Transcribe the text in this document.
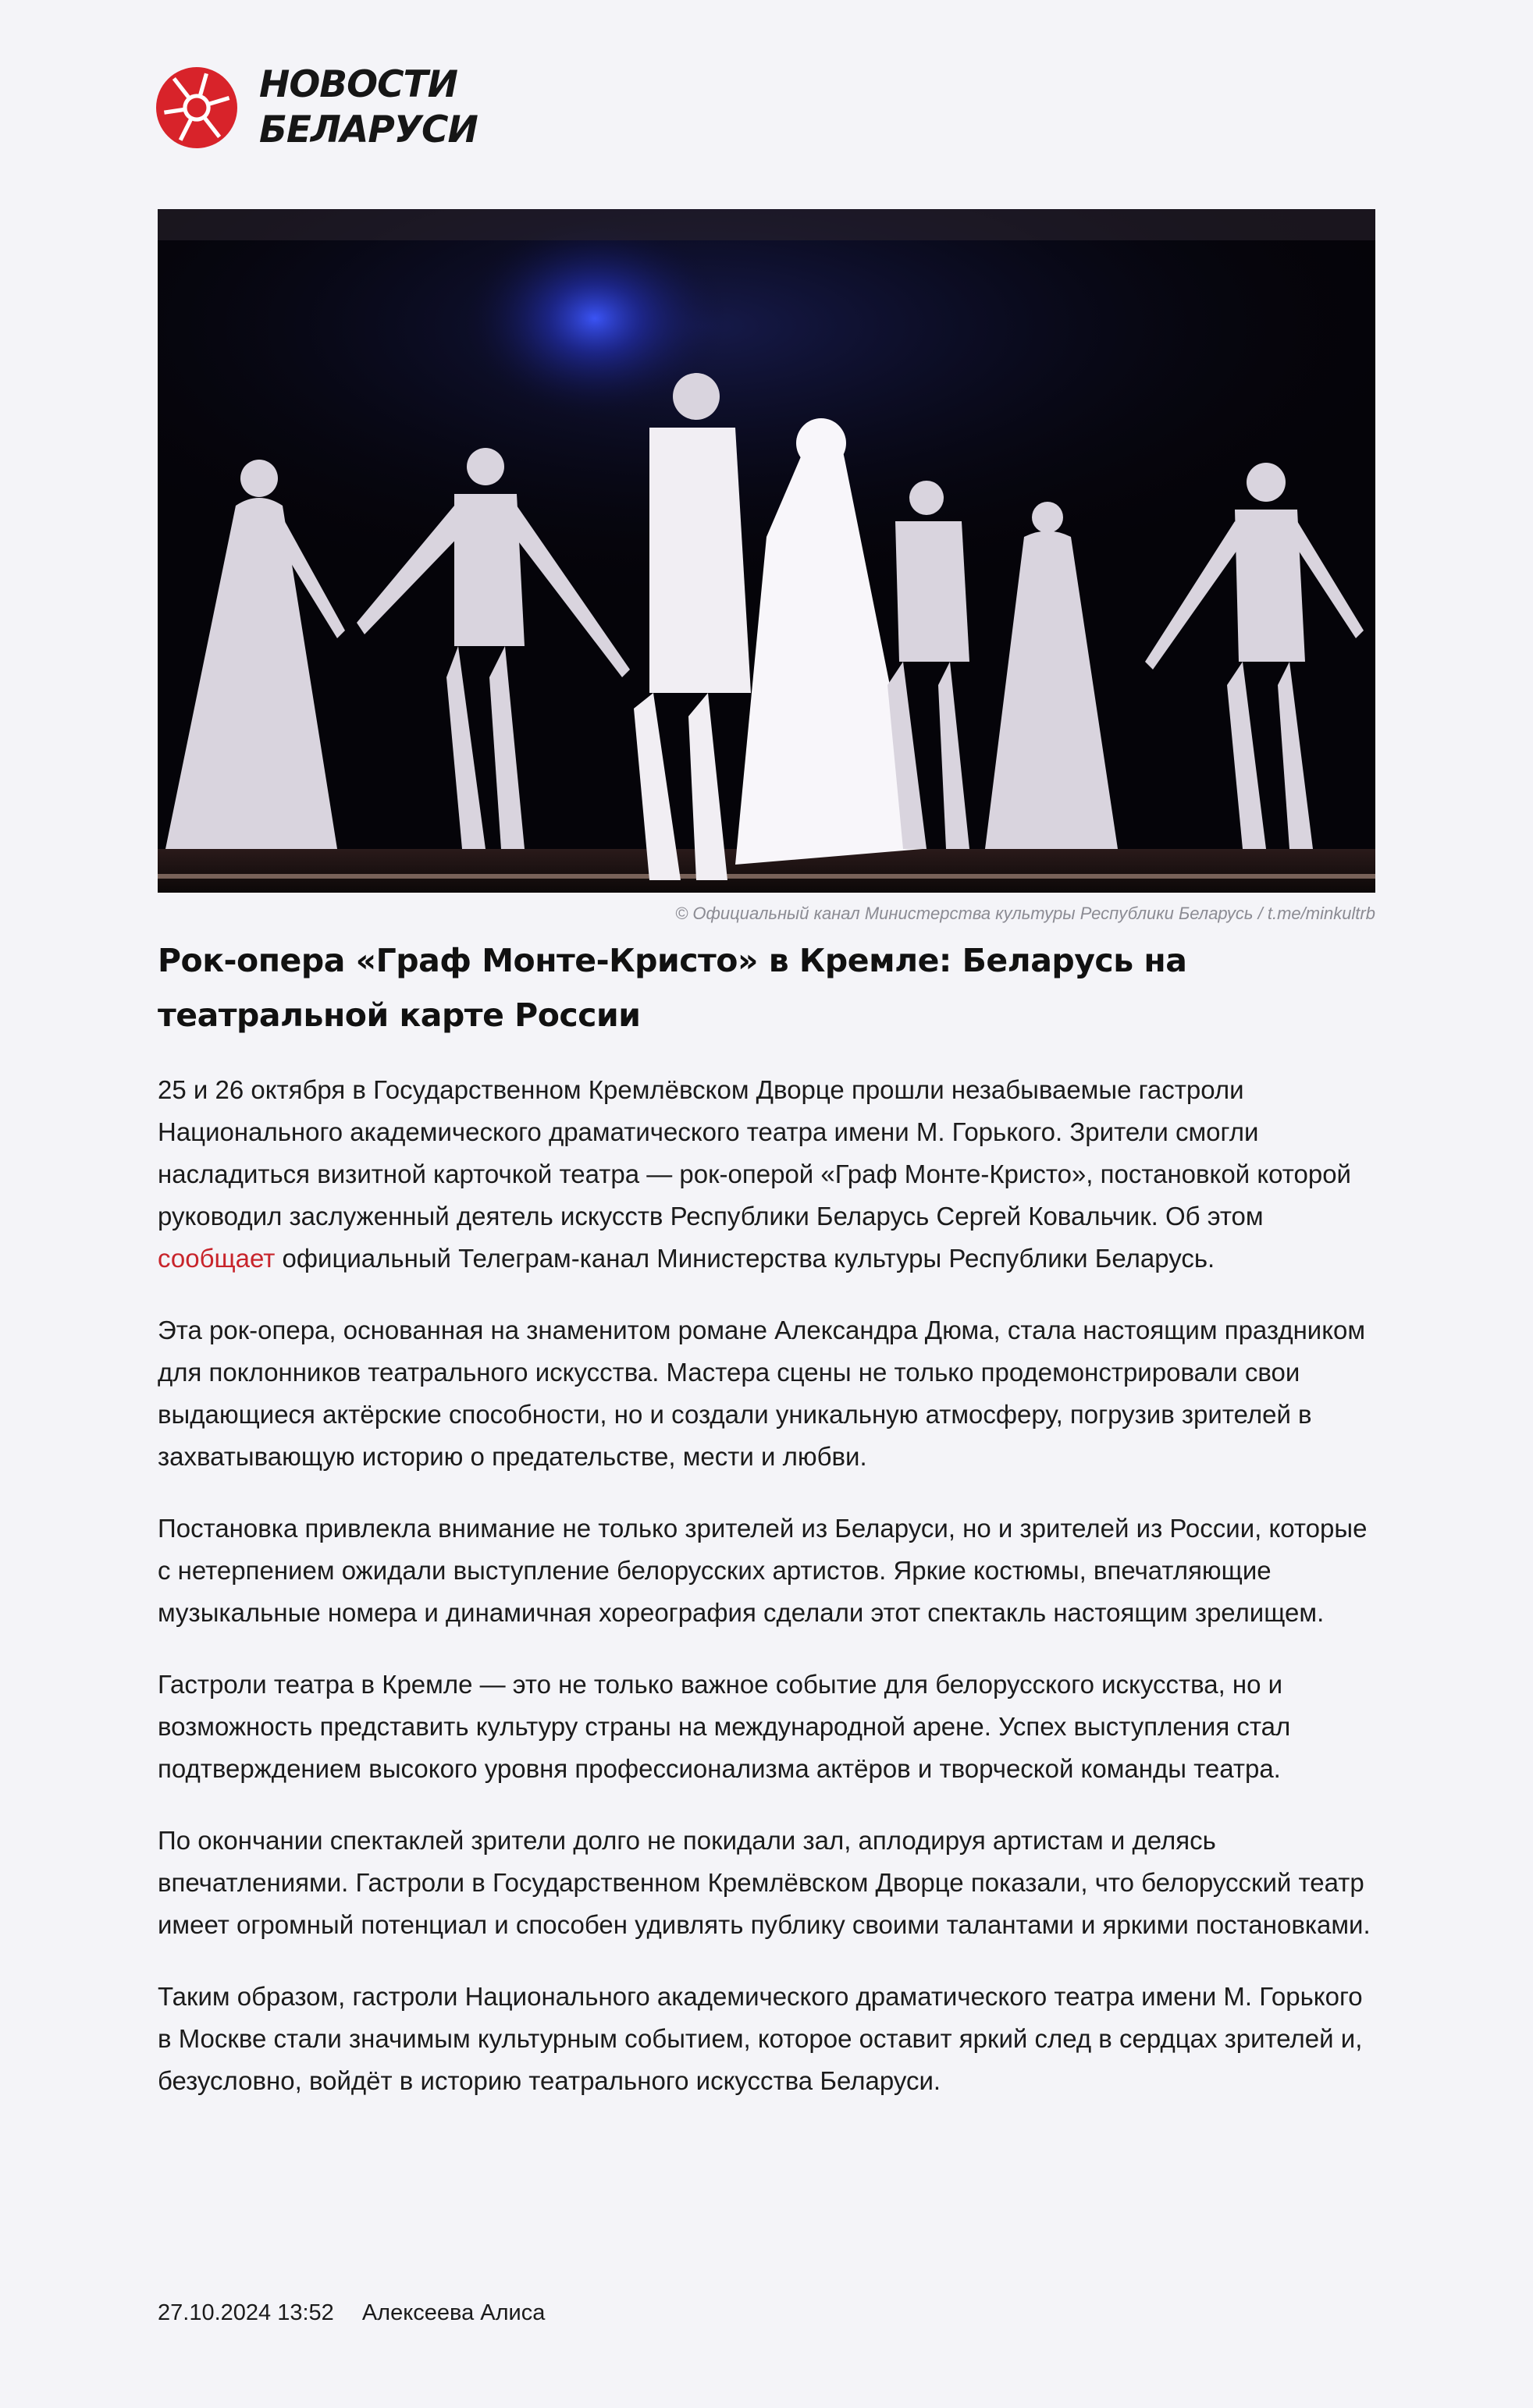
НОВОСТИ
БЕЛАРУСИ
© Официальный канал Министерства культуры Республики Беларусь / t.me/minkultrb
Рок-опера «Граф Монте-Кристо» в Кремле: Беларусь на театральной карте России

25 и 26 октября в Государственном Кремлёвском Дворце прошли незабываемые гастроли Национального академического драматического театра имени М. Горького. Зрители смогли насладиться визитной карточкой театра — рок-оперой «Граф Монте-Кристо», постановкой которой руководил заслуженный деятель искусств Республики Беларусь Сергей Ковальчик. Об этом сообщает официальный Телеграм-канал Министерства культуры Республики Беларусь.

Эта рок-опера, основанная на знаменитом романе Александра Дюма, стала настоящим праздником для поклонников театрального искусства. Мастера сцены не только продемонстрировали свои выдающиеся актёрские способности, но и создали уникальную атмосферу, погрузив зрителей в захватывающую историю о предательстве, мести и любви.

Постановка привлекла внимание не только зрителей из Беларуси, но и зрителей из России, которые с нетерпением ожидали выступление белорусских артистов. Яркие костюмы, впечатляющие музыкальные номера и динамичная хореография сделали этот спектакль настоящим зрелищем.

Гастроли театра в Кремле — это не только важное событие для белорусского искусства, но и возможность представить культуру страны на международной арене. Успех выступления стал подтверждением высокого уровня профессионализма актёров и творческой команды театра.

По окончании спектаклей зрители долго не покидали зал, аплодируя артистам и делясь впечатлениями. Гастроли в Государственном Кремлёвском Дворце показали, что белорусский театр имеет огромный потенциал и способен удивлять публику своими талантами и яркими постановками.

Таким образом, гастроли Национального академического драматического театра имени М. Горького в Москве стали значимым культурным событием, которое оставит яркий след в сердцах зрителей и, безусловно, войдёт в историю театрального искусства Беларуси.

27.10.2024 13:52 Алексеева Алиса
